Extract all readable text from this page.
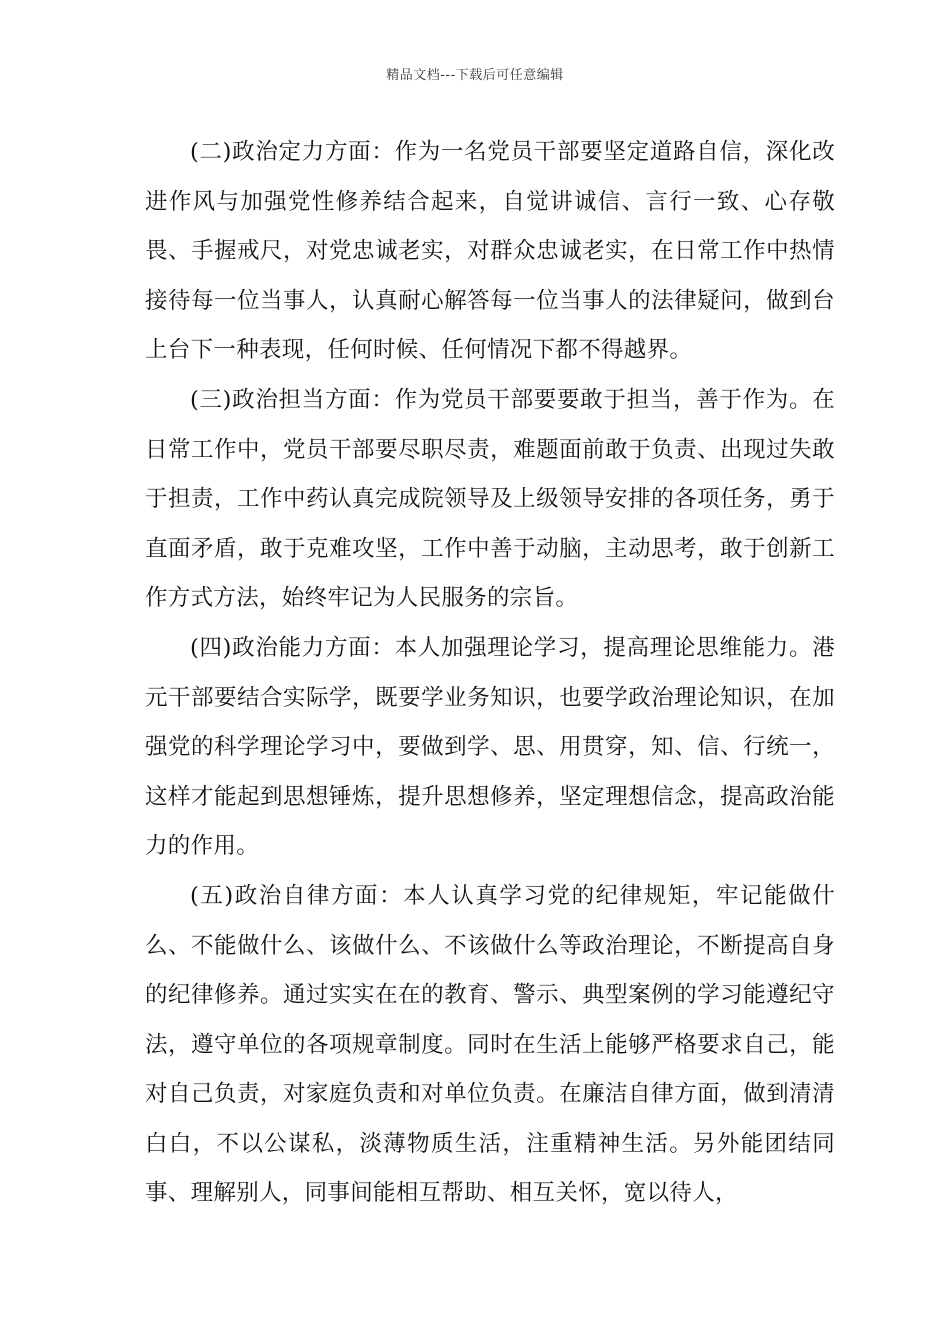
精品文档---下载后可任意编辑

(二)政治定力方面：作为一名党员干部要坚定道路自信，深化改进作风与加强党性修养结合起来，自觉讲诚信、言行一致、心存敬畏、手握戒尺，对党忠诚老实，对群众忠诚老实，在日常工作中热情接待每一位当事人，认真耐心解答每一位当事人的法律疑问，做到台上台下一种表现，任何时候、任何情况下都不得越界。

(三)政治担当方面：作为党员干部要要敢于担当，善于作为。在日常工作中，党员干部要尽职尽责，难题面前敢于负责、出现过失敢于担责，工作中药认真完成院领导及上级领导安排的各项任务，勇于直面矛盾，敢于克难攻坚，工作中善于动脑，主动思考，敢于创新工作方式方法，始终牢记为人民服务的宗旨。

(四)政治能力方面：本人加强理论学习，提高理论思维能力。港元干部要结合实际学，既要学业务知识，也要学政治理论知识，在加强党的科学理论学习中，要做到学、思、用贯穿，知、信、行统一，这样才能起到思想锤炼，提升思想修养，坚定理想信念，提高政治能力的作用。

(五)政治自律方面：本人认真学习党的纪律规矩，牢记能做什么、不能做什么、该做什么、不该做什么等政治理论，不断提高自身的纪律修养。通过实实在在的教育、警示、典型案例的学习能遵纪守法，遵守单位的各项规章制度。同时在生活上能够严格要求自己，能对自己负责，对家庭负责和对单位负责。在廉洁自律方面，做到清清白白，不以公谋私，淡薄物质生活，注重精神生活。另外能团结同事、理解别人，同事间能相互帮助、相互关怀，宽以待人，
